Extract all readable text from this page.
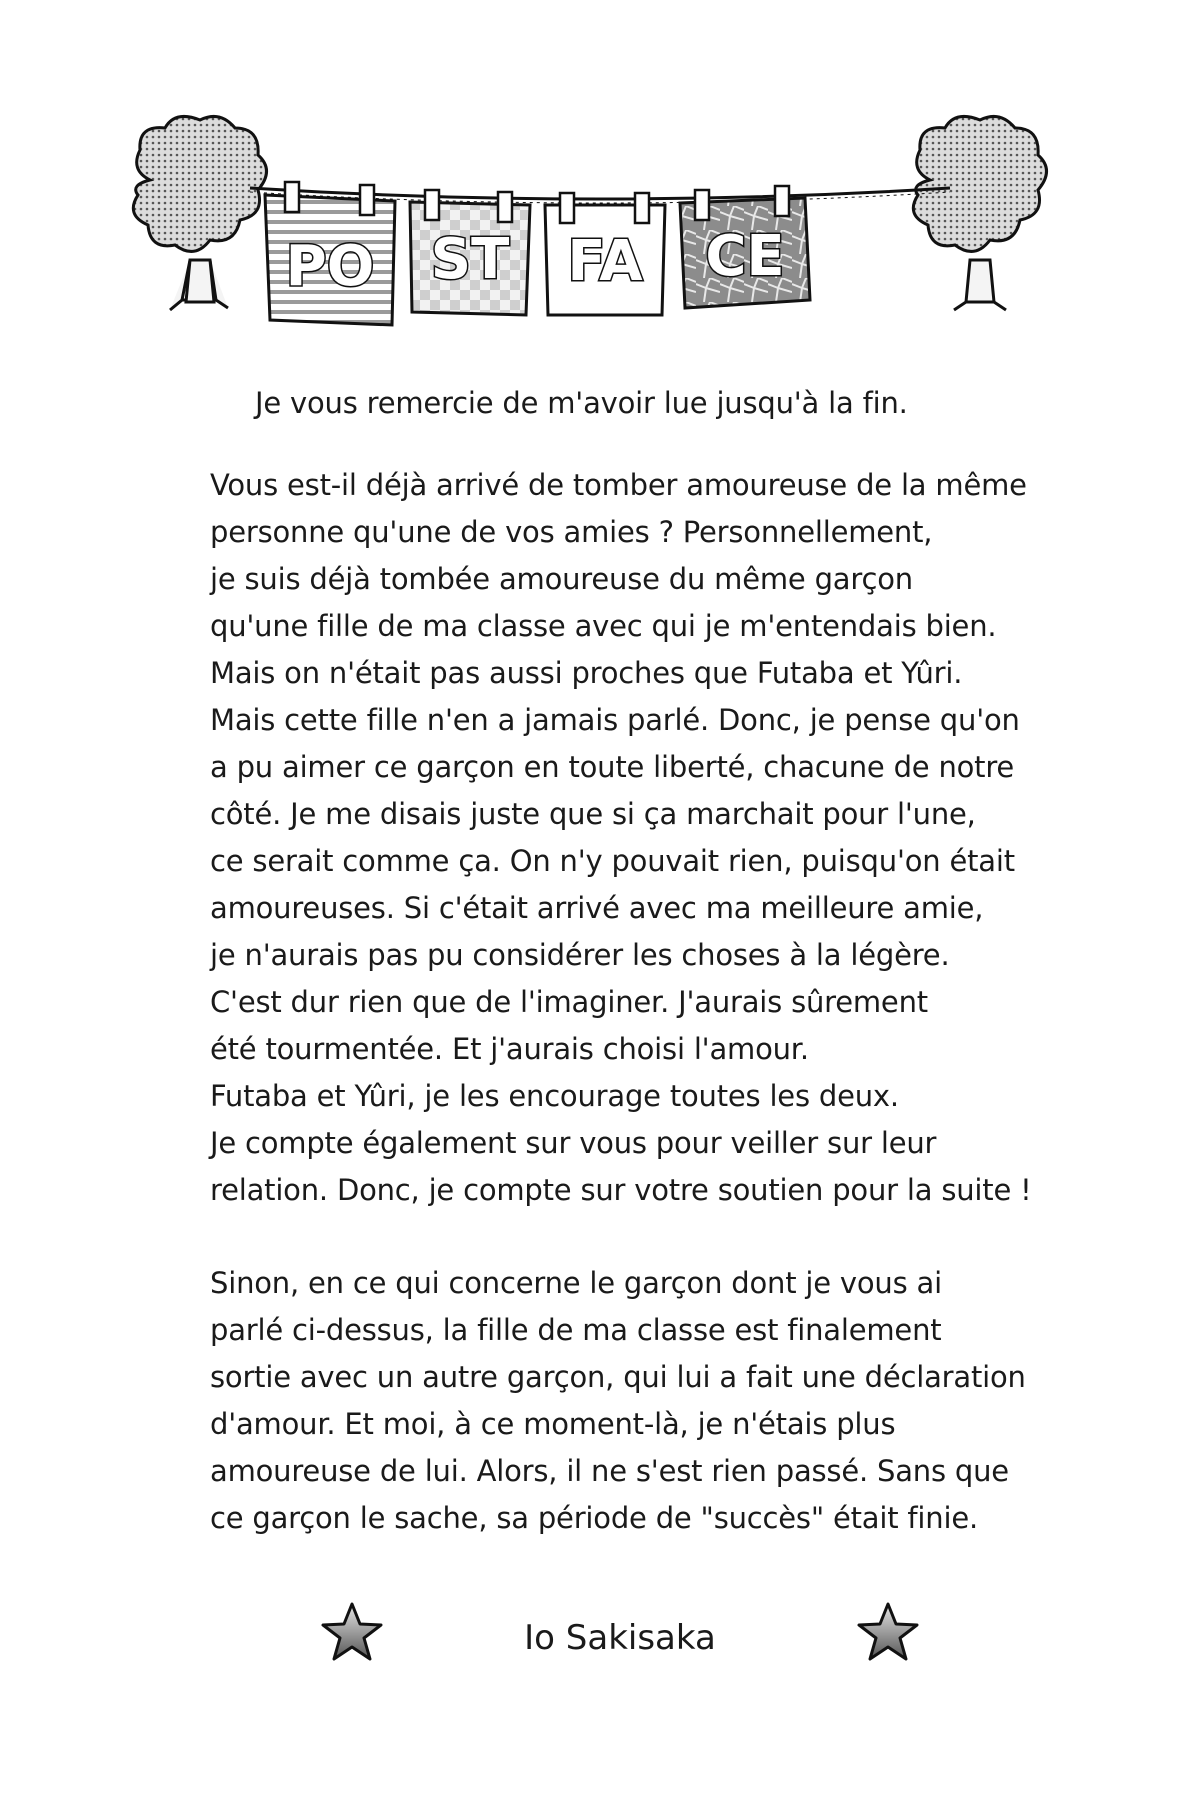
PO ST FA CE
Je vous remercie de m'avoir lue jusqu'à la fin.
Vous est-il déjà arrivé de tomber amoureuse de la même
personne qu'une de vos amies ? Personnellement,
je suis déjà tombée amoureuse du même garçon
qu'une fille de ma classe avec qui je m'entendais bien.
Mais on n'était pas aussi proches que Futaba et Yûri.
Mais cette fille n'en a jamais parlé. Donc, je pense qu'on
a pu aimer ce garçon en toute liberté, chacune de notre
côté. Je me disais juste que si ça marchait pour l'une,
ce serait comme ça. On n'y pouvait rien, puisqu'on était
amoureuses. Si c'était arrivé avec ma meilleure amie,
je n'aurais pas pu considérer les choses à la légère.
C'est dur rien que de l'imaginer. J'aurais sûrement
été tourmentée. Et j'aurais choisi l'amour.
Futaba et Yûri, je les encourage toutes les deux.
Je compte également sur vous pour veiller sur leur
relation. Donc, je compte sur votre soutien pour la suite !
Sinon, en ce qui concerne le garçon dont je vous ai
parlé ci-dessus, la fille de ma classe est finalement
sortie avec un autre garçon, qui lui a fait une déclaration
d'amour. Et moi, à ce moment-là, je n'étais plus
amoureuse de lui. Alors, il ne s'est rien passé. Sans que
ce garçon le sache, sa période de "succès" était finie.
Io Sakisaka
